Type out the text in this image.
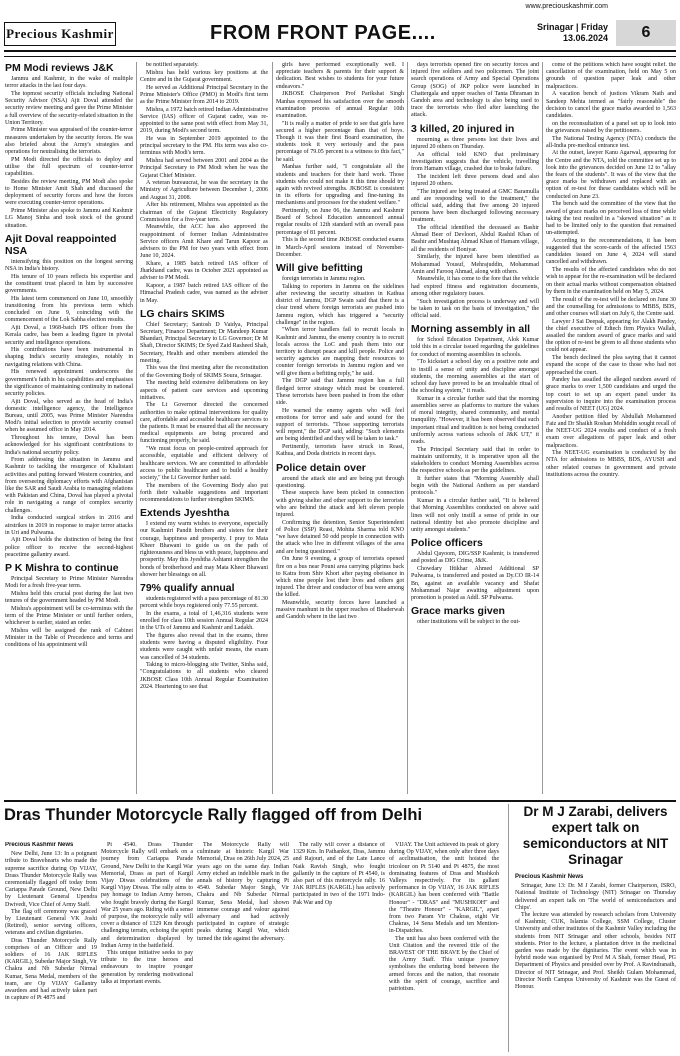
Precious Kashmir	FROM FRONT PAGE....
www.preciouskashmir.com
Srinagar | Friday
13.06.2024	6
PM Modi reviews J&K

Jammu and Kashmir, in the wake of multiple terror attacks in the last four days.

The topmost security officials including National Security Advisor (NSA) Ajit Doval attended the security review meeting and gave the Prime Minister a full overview of the security-related situation in the Union Territory.

Prime Minister was appraised of the counter-terror measures undertaken by the security forces. He was also briefed about the Army's strategies and operations for neutralising the terrorists.

PM Modi directed the officials to deploy and utilise the full spectrum of counter-terror capabilities.

Besides the review meeting, PM Modi also spoke to Home Minister Amit Shah and discussed the deployment of security forces and how the forces were executing counter-terror operations.

Prime Minister also spoke to Jammu and Kashmir LG Manoj Sinha and took stock of the ground situation.

Ajit Doval reappointed NSA

intensifying this position on the longest serving NSA in India's history.

His tenure of 10 years reflects his expertise and the constituent trust placed in him by successive governments.

His latest term commenced on June 10, smoothly transitioning from his previous term which concluded on June 9, coinciding with the commencement of the Lok Sabha election results.

Ajit Doval, a 1968-batch IPS officer from the Kerala cadre, has been a leading figure in pivotal security and intelligence operations.

His contributions have been instrumental in shaping India's security strategies, notably in navigating relations with China.

His renewed appointment underscores the government's faith in his capabilities and emphasises the significance of maintaining continuity in national security policies.

Ajit Doval, who served as the head of India's domestic intelligence agency, the Intelligence Bureau, until 2005, was Prime Minister Narendra Modi's initial selection to provide security counsel when he assumed office in May 2014.

Throughout his tenure, Doval has been acknowledged for his significant contributions to India's national security policy.

From addressing the situation in Jammu and Kashmir to tackling the resurgence of Khalistani activities and putting forward Western countries, and from overseeing diplomacy efforts with Afghanistan like the SAR and Saudi Arabia to managing relations with Pakistan and China, Doval has played a pivotal role in navigating a range of complex security challenges.

India conducted surgical strikes in 2016 and airstrikes in 2019 in response to major terror attacks in Uri and Pulwama.

Ajit Doval holds the distinction of being the first police officer to receive the second-highest peacetime gallantry award.

P K Mishra to continue

Principal Secretary to Prime Minister Narendra Modi for a fresh five-year term.

Mishra held this crucial post during the last two tenures of the government headed by PM Modi.

Mishra's appointment will be co-terminus with the term of the Prime Minister or until further orders, whichever is earlier, stated an order.

Mishra will be assigned the rank of Cabinet Minister in the Table of Precedence and terms and conditions of his appointment will

be notified separately.

Mishra has held various key positions at the Centre and in the Gujarat government.

He served as Additional Principal Secretary in the Prime Minister's Office (PMO) in Modi's first term as the Prime Minister from 2014 to 2019.

Mishra, a 1972 batch retired Indian Administrative Service (IAS) officer of Gujarat cadre, was re-appointed to the same post with effect from May 31, 2019, during Modi's second term.

He was in September 2019 appointed to the principal secretary to the PM. His term was also co-terminus with Modi's term.

Mishra had served between 2001 and 2004 as the Principal Secretary to PM Modi when he was the Gujarat Chief Minister.

A veteran bureaucrat, he was the secretary in the Ministry of Agriculture between December 1, 2006 and August 31, 2008.

After his retirement, Mishra was appointed as the chairman of the Gujarat Electricity Regulatory Commission for a five-year term.

Meanwhile, the ACC has also approved the reappointment of former Indian Administrative Service officers Amit Khare and Tarun Kapoor as advisers to the PM for two years with effect from June 10, 2024.

Khare, a 1985 batch retired IAS officer of Jharkhand cadre, was in October 2021 appointed as adviser to PM Modi.

Kapoor, a 1987 batch retired IAS officer of the Himachal Pradesh cadre, was named as the adviser in May.

LG chairs SKIMS

Chief Secretary; Santosh D Vaidya, Principal Secretary, Finance Department; Dr Mandeep Kumar Bhandari, Principal Secretary to LG Governor; Dr M Shafi, Director SKIMS; Dr Syed Zaid Rasheed Shah, Secretary, Health and other members attended the meeting.

This was the first meeting after the reconstitution of the Governing Body of SKIMS Soura, Srinagar.

The meeting held extensive deliberations on key aspects of patient care services and upcoming initiatives.

The Lt Governor directed the concerned authorities to make optimal interventions for quality care, affordable and accessible healthcare services to the patients. It must be ensured that all the necessary medical equipments are being procured and functioning properly, he said.

"We must focus on people-centred approach for accessible, equitable and efficient delivery of healthcare services. We are committed to affordable access to public healthcare and to build a healthy society," the Lt Governor further said.

The members of the Governing Body also put forth their valuable suggestions and important recommendations to further strengthen SKIMS.

Extends Jyeshtha

I extend my warm wishes to everyone, especially our Kashmiri Pandit brothers and sisters for their courage, happiness and prosperity. I pray to Mata Kheer Bhawani to guide us on the path of righteousness and bless us with peace, happiness and prosperity. May this Jyeshtha Ashtami strengthen the bonds of brotherhood and may Mata Kheer Bhawani shower her blessings on all.

79% qualify annual

students registered with a pass percentage of 81.30 percent while boys registered only 77.55 percent.

In the exams, a total of 1,46,316 students were enrolled for class 10th session Annual Regular 2024 in the UTs of Jammu and Kashmir and Ladakh.

The figures also reveal that in the exams, three students were having a disputed eligibility. Four students were caught with unfair means, the exam was cancelled of 34 students.

Taking to micro-blogging site Twitter, Sinha said, "Congratulations to all students who cleared JKBOSE Class 10th Annual Regular Examination 2024. Heartening to see that

girls have performed exceptionally well. I appreciate teachers & parents for their support & dedication. Best wishes to students for your future endeavors."

JKBOSE Chairperson Prof Parikshat Singh Manhas expressed his satisfaction over the smooth examination process of annual Regular 10th examination.

"It is really a matter of pride to see that girls have secured a higher percentage than that of boys. Though it was their first Board examination, the students took it very seriously and the pass percentage of 79.05 percent is a witness to this fact," he said.

Manhas further said, "I congratulate all the students and teachers for their hard work. Those students who could not make it this time should try again with revived strengths. JKBOSE is consistent in its efforts for upgrading and fine-tuning its mechanisms and processes for the student welfare."

Pertinently, on June 06, the Jammu and Kashmir Board of School Education announced annual regular results of 12th standard with an overall pass percentage of 81 percent.

This is the second time JKBOSE conducted exams in March-April sessions instead of November-December.

Will give befitting

foreign terrorists in Jammu region.

Talking to reporters in Jammu on the sidelines after reviewing the security situation in Kathua district of Jammu, DGP Swain said that there is a clear trend where foreign terrorists are pushed into Jammu region, which has triggered a "security challenge" in the region.

"When terror handlers fail to recruit locals in Kashmir and Jammu, the enemy country is to recruit locals across the LoC and push them into our territory to disrupt peace and kill people. Police and security agencies are mapping their resources to counter foreign terrorists in Jammu region and we will give them a befitting reply," he said.

The DGP said that Jammu region has a full fledged terror strategy which must be countered. These terrorists have been pushed in from the other side.

He warned the enemy agents who will feel emotions for terror and safe and sound for the support of terrorists. "Those supporting terrorists will repent," the DGP said, adding: "Such elements are being identified and they will be taken to task."

Pertinently, terrorists have struck in Reasi, Kathua, and Doda districts in recent days.

Police detain over

around the attack site and are being put through questioning.

These suspects have been picked in connection with giving shelter and other support to the terrorists who are behind the attack and left eleven people injured.

Confirming the detention, Senior Superintendent of Police (SSP) Reasi, Mohita Sharma told KNO "we have detained 50 odd people in connection with the attack who live in different villages of the area and are being questioned."

On June 9 evening, a group of terrorists opened fire on a bus near Pouni area carrying pilgrims back to Katra from Shiv Khori after paying obeisance in which nine people lost their lives and others got injured. The driver and conductor of bus were among the killed.

Meanwhile, security forces have launched a massive manhunt in the upper reaches of Bhaderwah and Gandoh where in the last two

days terrorists opened fire on security forces and injured five soldiers and two policemen. The joint search operations of Army and Special Operations Group (SOG) of JKP police were launched in Chattergala and upper reaches of Tanta Dhraman in Gandoh area and technology is also being used to trace the terrorists who fled after launching the attack.

3 killed, 20 injured in

mourning as three persons lost their lives and injured 20 others on Thursday.

An official told KNO that preliminary investigation suggests that the vehicle, travelling from Hamam village, crashed due to brake failure.

The incident left three persons dead and also injured 20 others.

"The injured are being treated at GMC Baramulla and are responding well to the treatment," the official said, adding that five among 20 injured persons have been discharged following necessary treatment.

The official identified the deceased as Bashir Ahmad Beer of Devloori, Abdul Rashid Khan of Bashir and Mushtaq Ahmad Khan of Hamam village, all the residents of Boniyar.

Similarly, the injured have been identified as Mohammad Yousuf, Mehrajuddin, Mohammad Amin and Farooq Ahmad, along with others.

Meanwhile, it has come to the fore that the vehicle had expired fitness and registration documents, among other regulatory issues.

"Such investigation process is underway and will be taken to task on the basis of investigation," the official said.

Morning assembly in all

for School Education Department, Alok Kumar told this in a circular issued regarding the guidelines for conduct of morning assemblies in schools.

"To kickstart a school day on a positive note and to instill a sense of unity and discipline amongst students, the morning assemblies at the start of school day have proved to be an invaluable ritual of the schooling system," it reads.

Kumar in a circular further said that the morning assemblies serve as platforms to nurture the values of moral integrity, shared community, and mental tranquility. "However, it has been observed that such important ritual and tradition is not being conducted uniformly across various schools of J&K UT," it reads.

The Principal Secretary said that in order to maintain uniformity, it is imperative upon all the stakeholders to conduct Morning Assemblies across the respective schools as per the guidelines.

It further states that "Morning Assembly shall begin with the National Anthem as per standard protocols."

Kumar in a circular further said, "It is believed that Morning Assemblies conducted on above said lines will not only instill a sense of pride in our national identity but also promote discipline and unity amongst students."

Police officers

Abdul Qayoom, DIG/SSP Kashmir, is transferred and posted as DIG Crime, J&K.

Chowdary Iftikhar Ahmed Additional SP Pulwama, is transferred and posted as Dy.CO IR-14 Bn, against an available vacancy and Shafat Mohammad Najar awaiting adjustment upon promotion is posted as Addl. SP Pulwama.

Grace marks given

other institutions will be subject to the out-

come of the petitions which have sought relief. the cancellation of the examination, held on May 5 on grounds of question paper leak and other malpractices.

A vacation bench of justices Vikram Nath and Sandeep Mehta termed as "fairly reasonable" the decision to cancel the grace marks awarded to 1,563 candidates.

on the reconsultation of a panel set up to look into the grievances raised by the petitioners.

The National Testing Agency (NTA) conducts the all-India pre-medical entrance test.

At the outset, lawyer Kanu Agarwal, appearing for the Centre and the NTA, told the committee set up to look into the grievances decided on June 12 to "allay the fears of the students". It was of the view that the grace marks be withdrawn and replaced with an option of re-test for these candidates which will be conducted on June 23.

The bench said the committee of the view that the award of grace marks on perceived loss of time while taking the test resulted in a "skewed situation" as it had to be limited only to the question that remained un-attempted.

According to the recommendations, it has been suggested that the score-cards of the affected 1563 candidates issued on June 4, 2024 will stand cancelled and withdrawn.

The results of the affected candidates who do not wish to appear for the re-examination will be declared on their actual marks without compensation obtained by them in the examination held on May 5, 2024.

The result of the re-test will be declared on June 30 and the counselling for admissions to MBBS, BDS, and other courses will start on July 6, the Centre said.

Lawyer J Sai Deepak, appearing for Alakh Pandey, the chief executive of Edtech firm Physics Wallah, assailed the random award of grace marks and said the option of re-test be given to all those students who could not appear.

The bench declined the plea saying that it cannot expand the scope of the case to those who had not approached the court.

Pandey has assailed the alleged random award of grace marks to over 1,500 candidates and urged the top court to set up an expert panel under its supervision to inquire into the examination process and results of NEET (UG) 2024.

Another petition filed by Abdullah Mohammed Faiz and Dr Shaikh Roshan Mohiddin sought recall of the NEET-UG 2024 results and conduct of a fresh exam over allegations of paper leak and other malpractices.

The NEET-UG examination is conducted by the NTA for admissions to MBBS, BDS, AYUSH and other related courses in government and private institutions across the country.

Dras Thunder Motorcycle Rally flagged off from Delhi
Precious Kashmir News

New Delhi, June 13: In a poignant tribute to Bravehearts who made the supreme sacrifice during Op VIJAY, Drass Thunder Motorcycle Rally was ceremonially flagged off today from Cariappa Parade Ground, New Delhi by Lieutenant General Upendra Dwivedi, Vice Chief of Army Staff.

The flag off ceremony was graced by Lieutenant General VK Joshi (Retired), senior serving officers, veterans and civilian dignitaries.

Dras Thunder Motorcycle Rally comprises of an Officer and 19 soldiers of 16 JAK RIFLES (KARGIL), Subedar Major Singh, Vir Chakra and Nb Subedar Nirmal Kumar, Sena Medal, members of the team, are Op VIJAY Gallantry awardees and had actively taken part in capture of Pt 4875 and

Pt 4540. Drass Thunder Motorcycle Rally will embark on a journey from Cariappa Parade Ground, New Delhi to the Kargil War Memorial, Drass as part of Kargil Vijay Diwas celebrations of the Kargil Vijay Diwas. The rally aims to pay homage to Indian Army heroes, who fought bravely during the Kargil War 25 years ago. Riding with a sense of purpose, the motorcycle rally will cover a distance of 1329 Km through challenging terrain, echoing the spirit and determination displayed by Indian Army in the battlefield.

This unique initiative seeks to pay tribute to the true heroes and endeavours to inspire younger generation by rendering motivational talks at important events.

The Motorcycle Rally will culminate at historic Kargil War Memorial, Dras on 26th July 2024, 25 years ago on the same day. Indian Army etched an indelible mark in the annals of history by capturing Pt 4540. Subedar Major Singh, Vir Chakra and Nb Subedar Nirmal Kumar, Sena Medal, had shown immense courage and valour against adversary and had actively participated in capture of strategic peaks during Kargil War, which turned the tide against the adversary.

The rally will cover a distance of 1329 Km. In Pathankot, Dras, Jammu and Rajouri, and of the Late Lance Naik Ravish Singh, who fought gallantly in the capture of Pt 4540, is also part of this motorcycle rally. 16 JAK RIFLES (KARGIL) has actively participated in two of the 1971 Indo-Pak War and Op

VIJAY. The Unit achieved its peak of glory during Op VIJAY, when only after three days of acclimatisation, the unit hoisted the tricolour on Pt 5140 and Pt 4875, the most dominating features of Dras and Mushkoh Valleys respectively. For its gallant performance in Op VIJAY, 16 JAK RIFLES (KARGIL) has been conferred with "Battle Honour" - "DRAS" and "MUSHKOH" and the "Theatre Honour" - "KARGIL", apart from two Param Vir Chakras, eight Vir Chakras, 14 Sena Medals and ten Mention-in-Dispatches.

The unit has also been conferred with the Unit Citation and the revered title of the BRAVEST OF THE BRAVE by the Chief of the Army Staff. This unique journey symbolises the enduring bond between the armed forces and the nation, that resonate with the spirit of courage, sacrifice and patriotism.

Dr M J Zarabi, delivers expert talk on semiconductors at NIT Srinagar
Precious Kashmir News

Srinagar, June 13: Dr. M J Zarabi, former Chairperson, ISRO, National Institute of Technology (NIT) Srinagar on Thursday delivered an expert talk on 'The world of semiconductors and Chips'.

The lecture was attended by research scholars from University of Kashmir, CUK, Islamia College, SSM College, Cluster University and other institutes of the Kashmir Valley including the students from NIT Srinagar and other schools, besides NIT students. Prior to the lecture, a plantation drive in the medicinal garden was made by the dignitaries. The event which was in hybrid mode was organised by Prof M A Shah, former Head, PG Department of Physics and presided over by Prof. A Ravindranath, Director of NIT Srinagar, and Prof. Sheikh Gulam Mohammad, Director North Campus University of Kashmir was the Guest of Honour.
